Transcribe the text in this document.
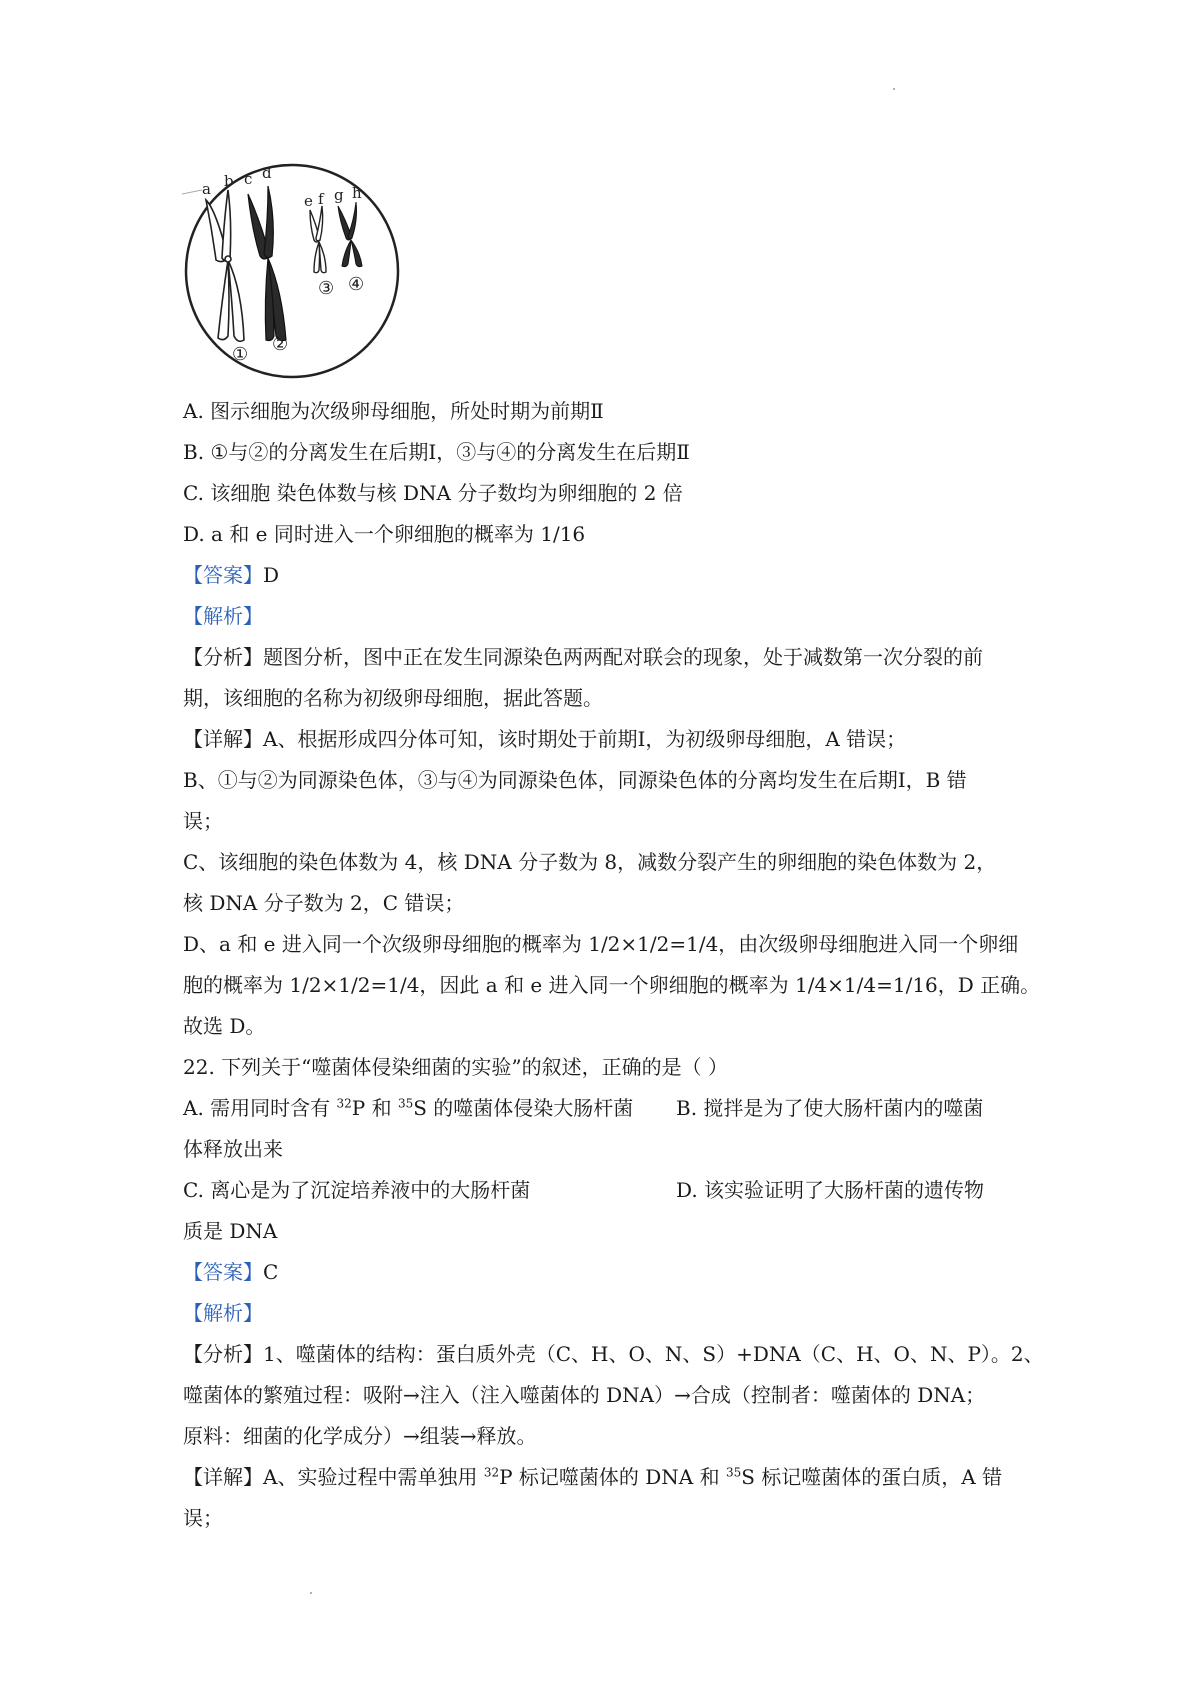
a b c d
e f g h
① ②
③ ④
A. 图示细胞为次级卵母细胞，所处时期为前期Ⅱ
B. ①与②的分离发生在后期Ⅰ，③与④的分离发生在后期Ⅱ
C. 该细胞 染色体数与核 DNA 分子数均为卵细胞的 2 倍
D. a 和 e 同时进入一个卵细胞的概率为 1/16
【答案】D
【解析】
【分析】题图分析，图中正在发生同源染色两两配对联会的现象，处于减数第一次分裂的前
期，该细胞的名称为初级卵母细胞，据此答题。
【详解】A、根据形成四分体可知，该时期处于前期Ⅰ，为初级卵母细胞，A 错误；
B、①与②为同源染色体，③与④为同源染色体，同源染色体的分离均发生在后期Ⅰ，B 错
误；
C、该细胞的染色体数为 4，核 DNA 分子数为 8，减数分裂产生的卵细胞的染色体数为 2，
核 DNA 分子数为 2，C 错误；
D、a 和 e 进入同一个次级卵母细胞的概率为 1/2×1/2=1/4，由次级卵母细胞进入同一个卵细
胞的概率为 1/2×1/2=1/4，因此 a 和 e 进入同一个卵细胞的概率为 1/4×1/4=1/16，D 正确。
故选 D。
22. 下列关于“噬菌体侵染细菌的实验”的叙述，正确的是（ ）
A. 需用同时含有 $^{32}$P 和 $^{35}$S 的噬菌体侵染大肠杆菌 B. 搅拌是为了使大肠杆菌内的噬菌
体释放出来
C. 离心是为了沉淀培养液中的大肠杆菌	D. 该实验证明了大肠杆菌的遗传物
质是 DNA
【答案】C
【解析】
【分析】1、噬菌体的结构：蛋白质外壳（C、H、O、N、S）+DNA（C、H、O、N、P）。2、
噬菌体的繁殖过程：吸附→注入（注入噬菌体的 DNA）→合成（控制者：噬菌体的 DNA；
原料：细菌的化学成分）→组装→释放。
【详解】A、实验过程中需单独用 $^{32}$P 标记噬菌体的 DNA 和 $^{35}$S 标记噬菌体的蛋白质，A 错
误；
